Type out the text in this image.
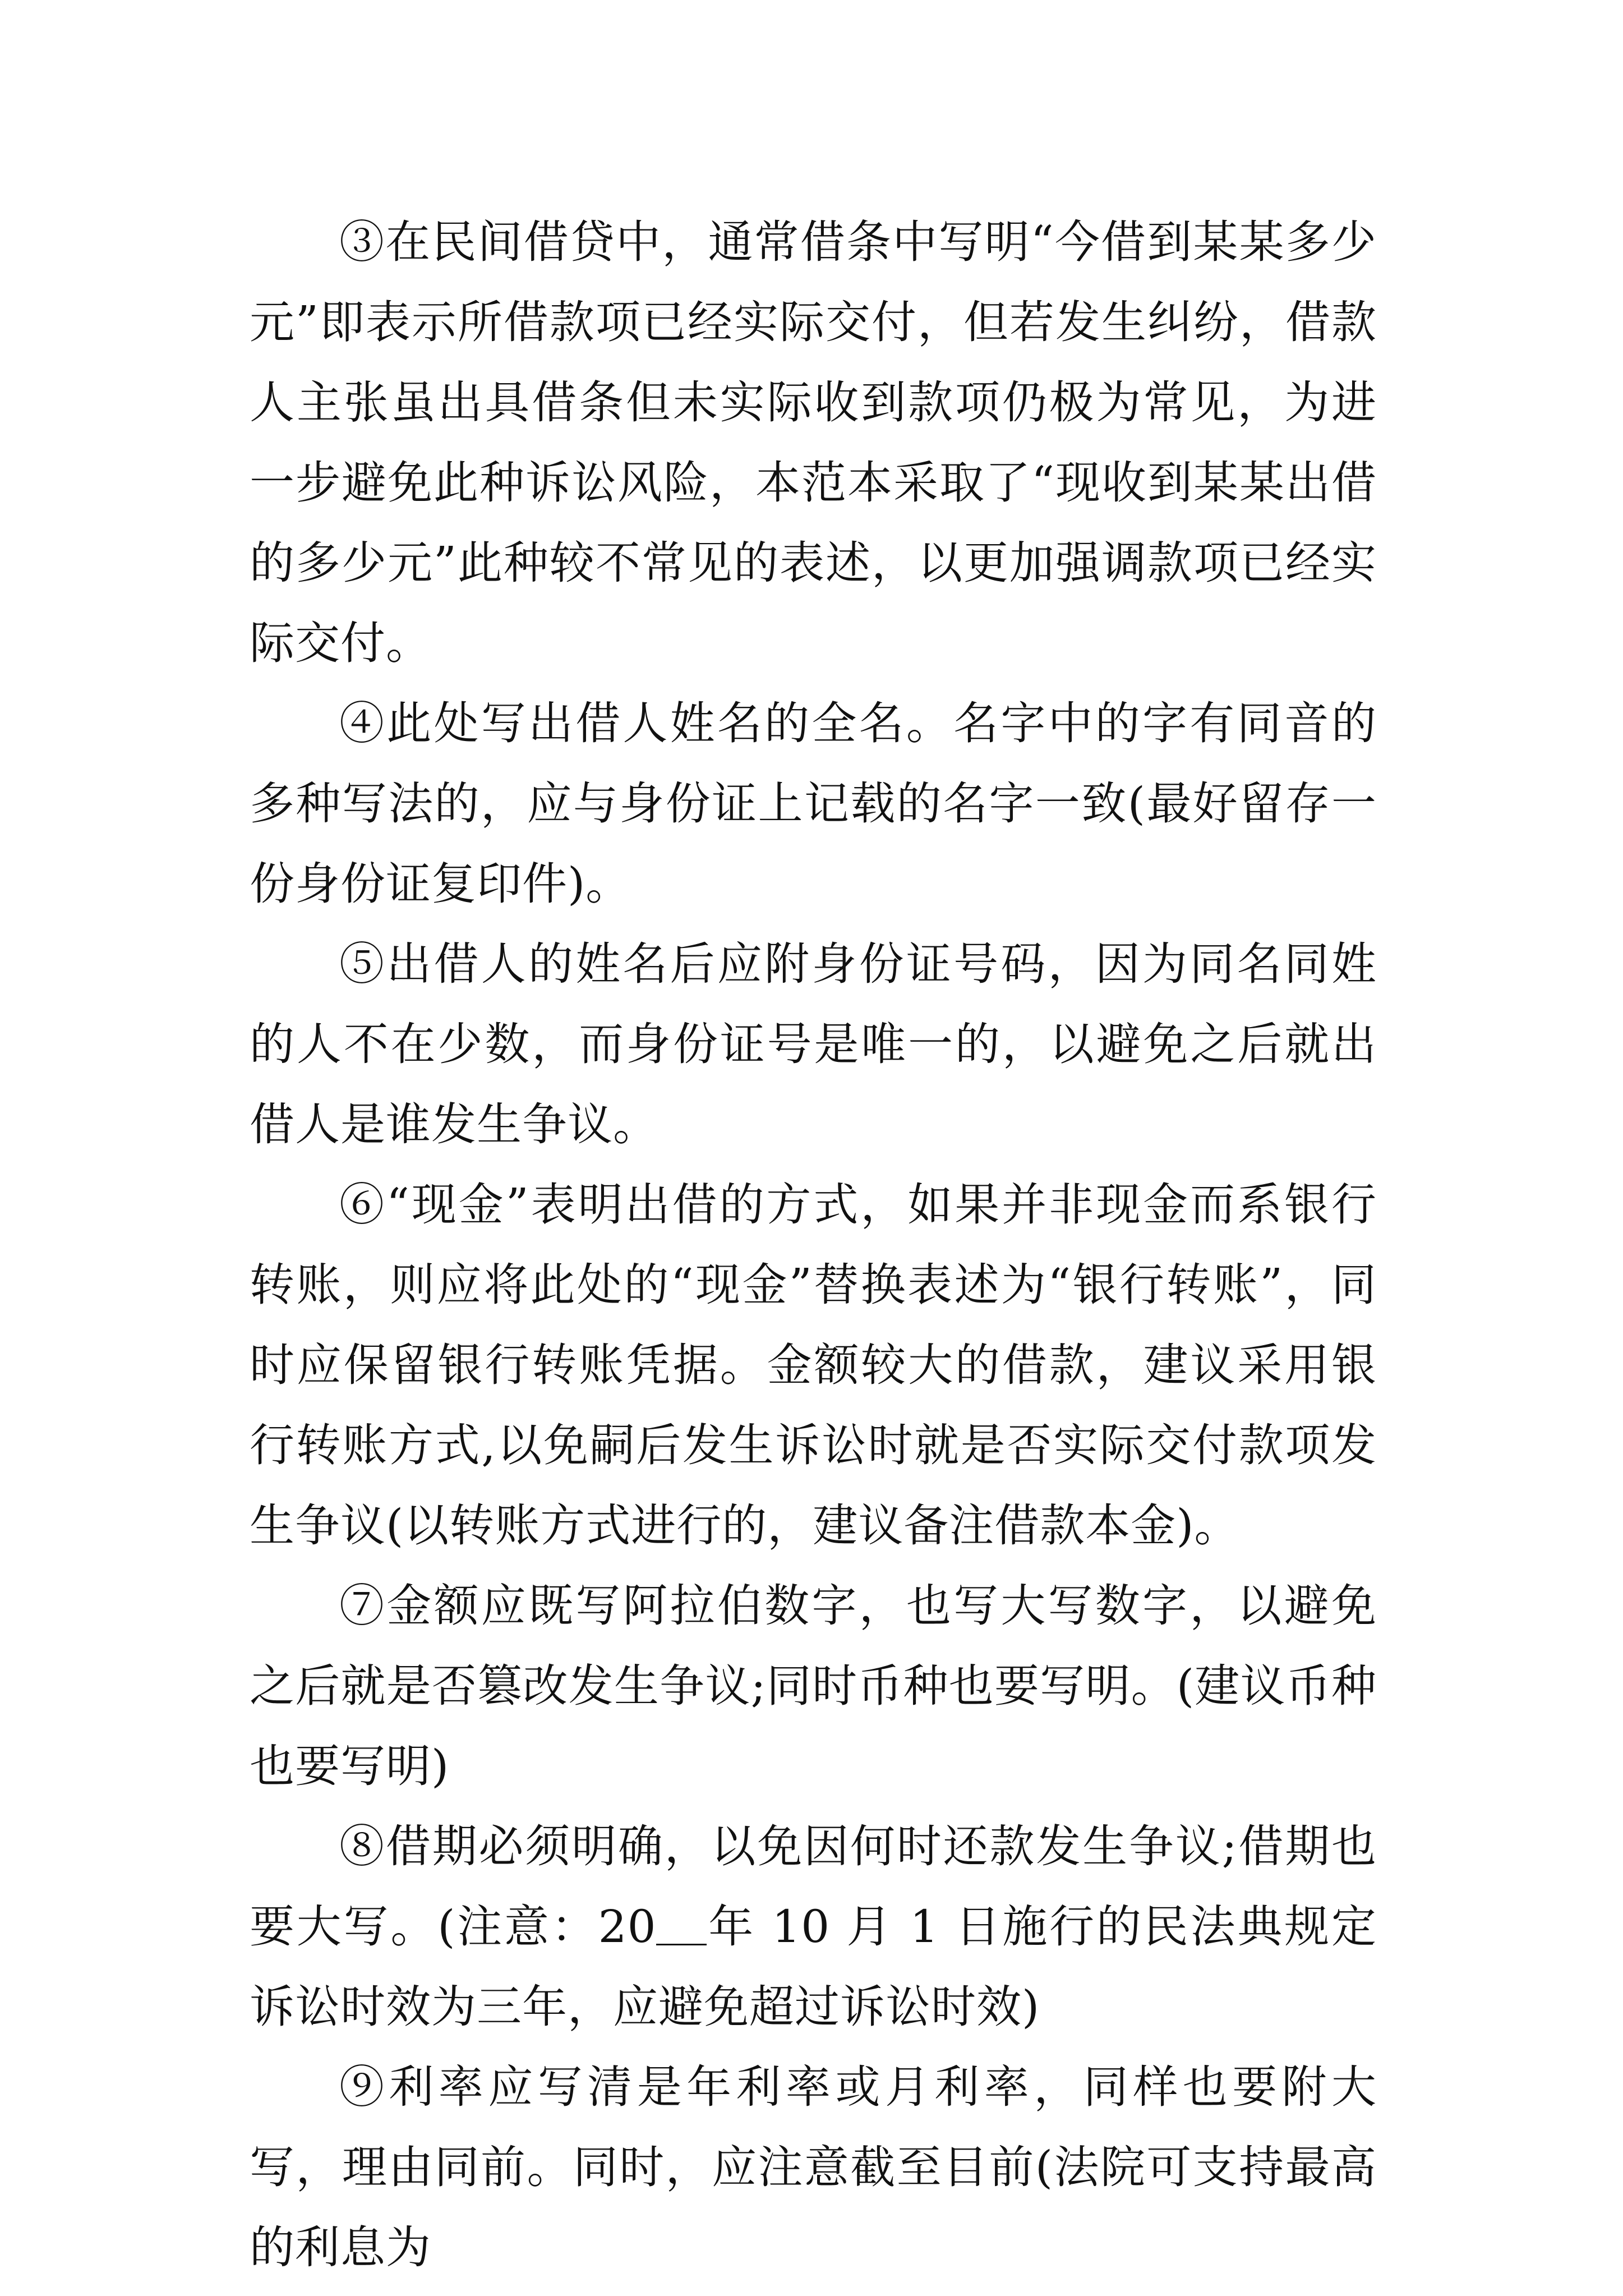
③在民间借贷中，通常借条中写明“今借到某某多少元”即表示所借款项已经实际交付，但若发生纠纷，借款人主张虽出具借条但未实际收到款项仍极为常见，为进一步避免此种诉讼风险，本范本采取了“现收到某某出借的多少元”此种较不常见的表述，以更加强调款项已经实际交付。

④此处写出借人姓名的全名。名字中的字有同音的多种写法的，应与身份证上记载的名字一致(最好留存一份身份证复印件)。

⑤出借人的姓名后应附身份证号码，因为同名同姓的人不在少数，而身份证号是唯一的，以避免之后就出借人是谁发生争议。

⑥“现金”表明出借的方式，如果并非现金而系银行转账，则应将此处的“现金”替换表述为“银行转账”，同时应保留银行转账凭据。金额较大的借款，建议采用银行转账方式,以免嗣后发生诉讼时就是否实际交付款项发生争议(以转账方式进行的，建议备注借款本金)。

⑦金额应既写阿拉伯数字，也写大写数字，以避免之后就是否篡改发生争议;同时币种也要写明。(建议币种也要写明)

⑧借期必须明确，以免因何时还款发生争议;借期也要大写。(注意：20 年 10 月 1 日施行的民法典规定诉讼时效为三年，应避免超过诉讼时效)

⑨利率应写清是年利率或月利率，同样也要附大写，理由同前。同时，应注意截至目前(法院可支持最高的利息为
